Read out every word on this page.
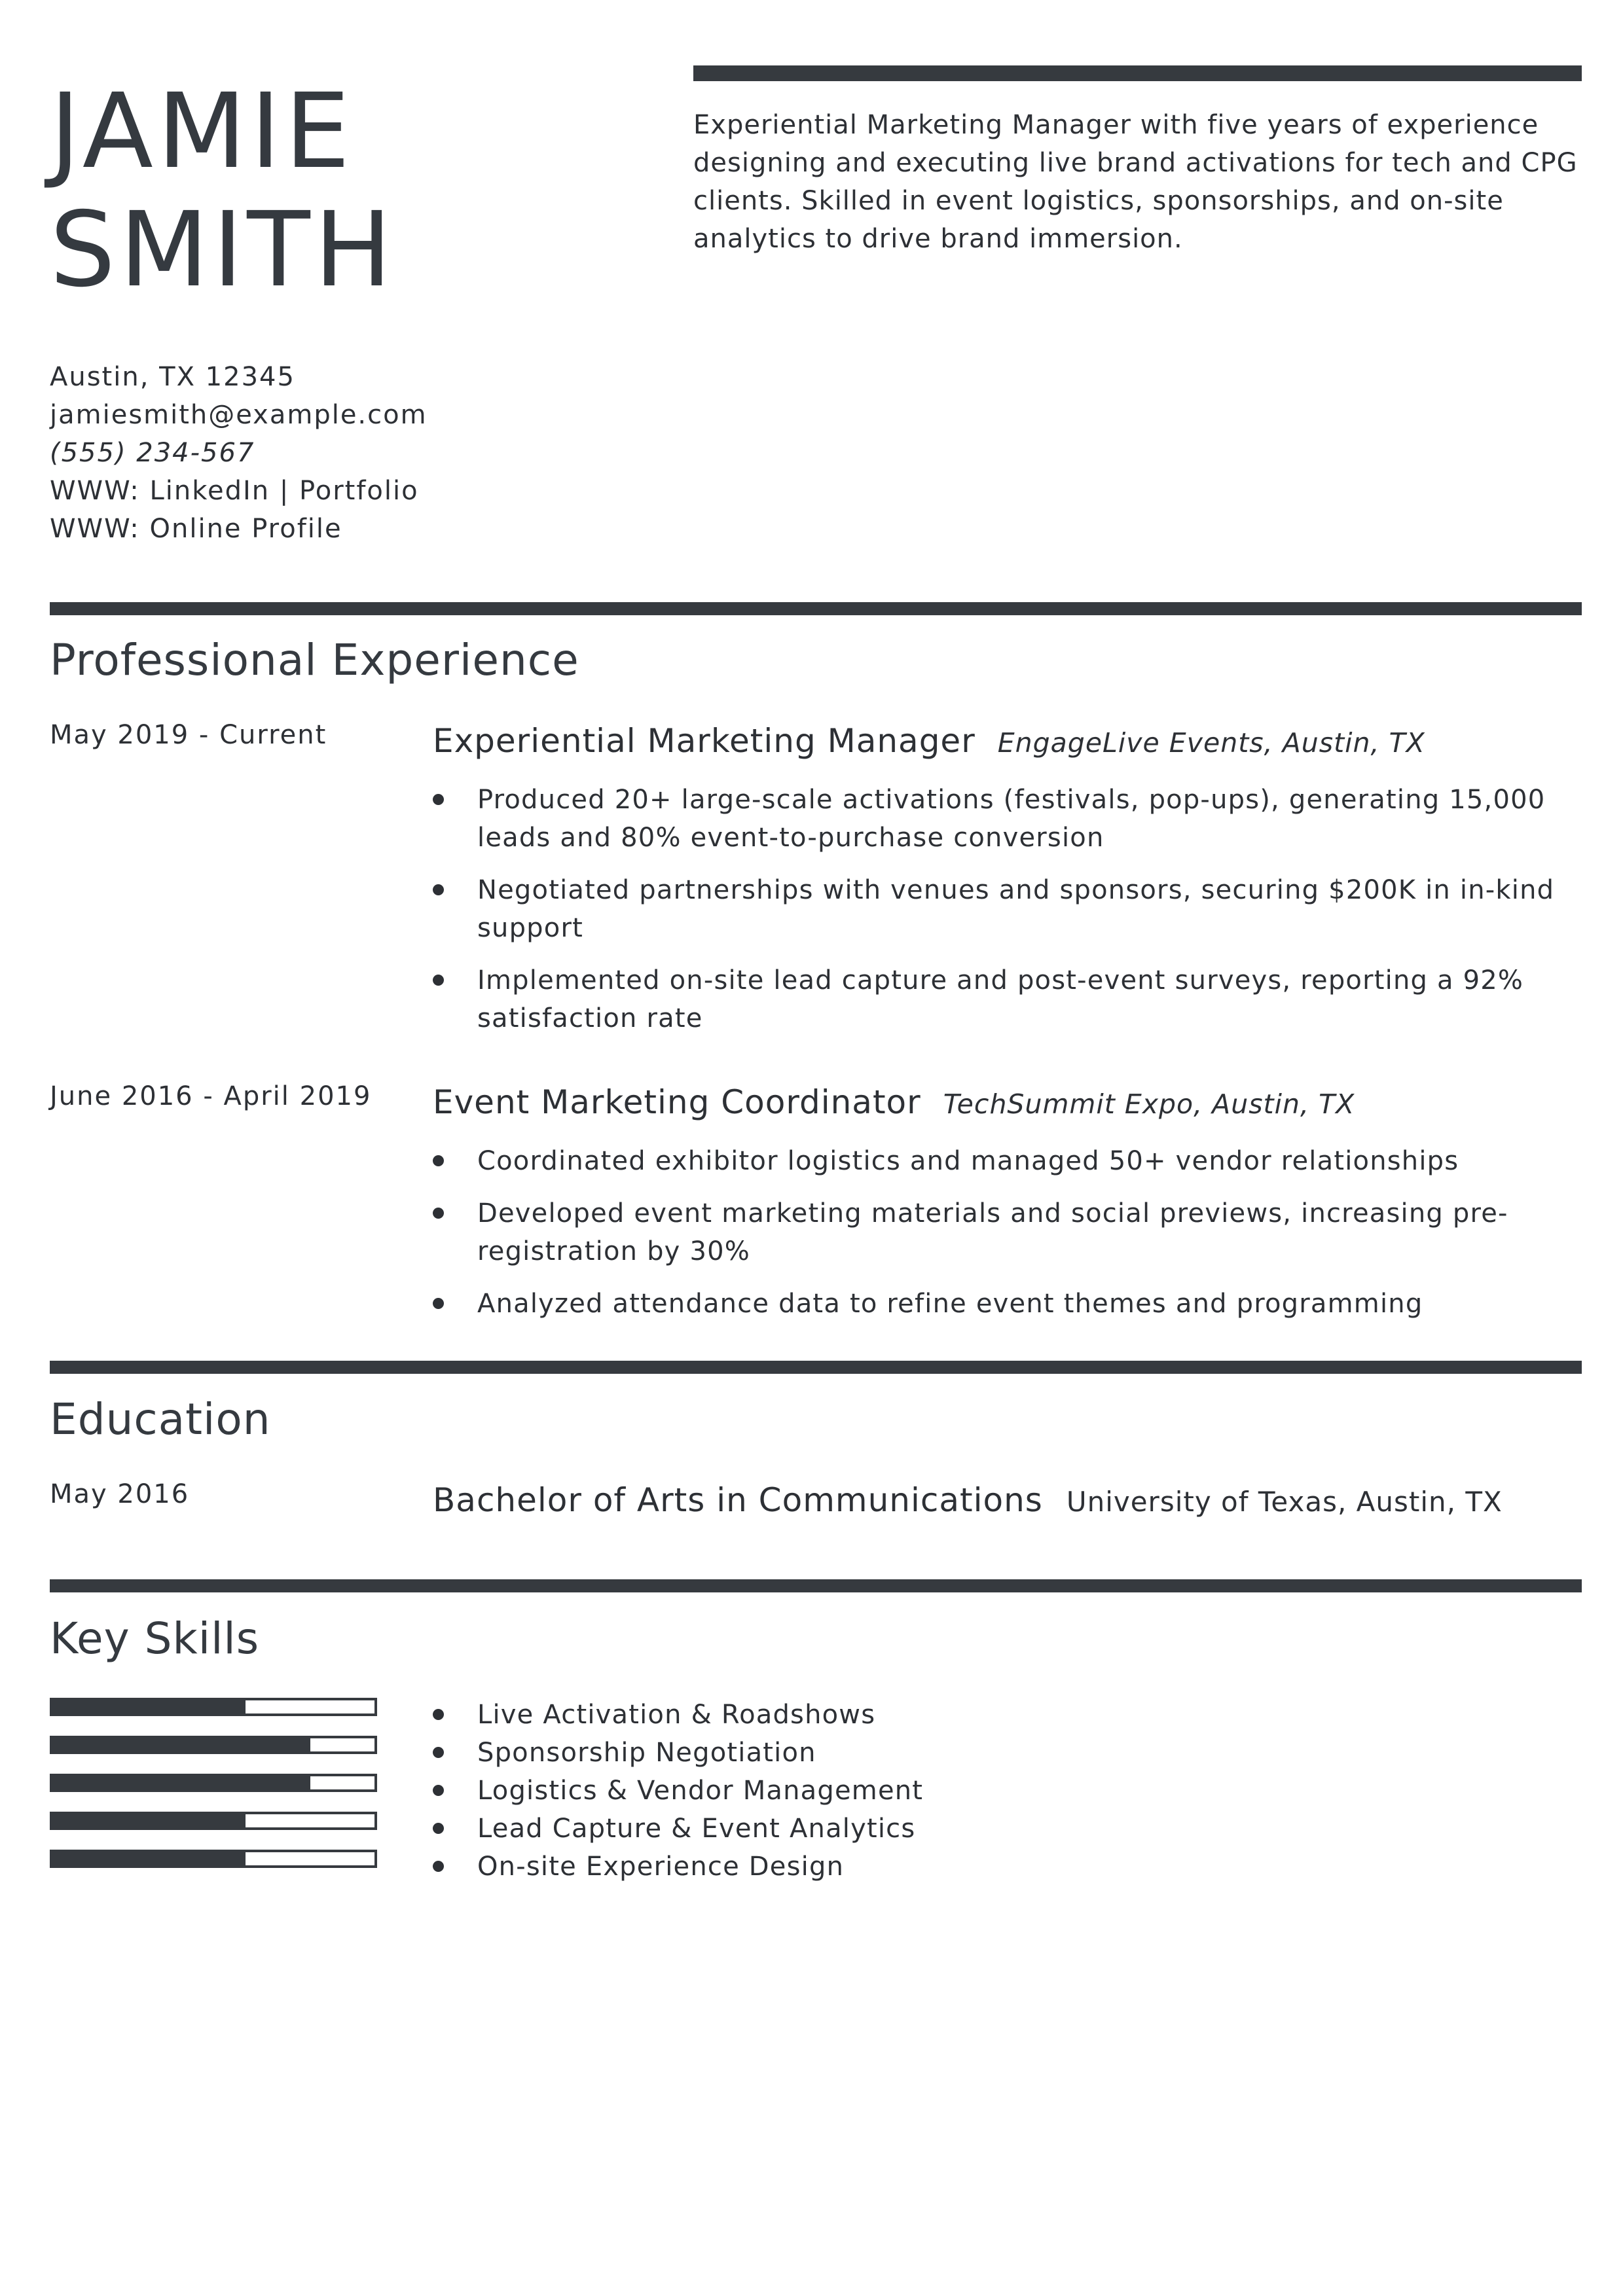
JAMIE
SMITH
Experiential Marketing Manager with five years of experience designing and executing live brand activations for tech and CPG clients. Skilled in event logistics, sponsorships, and on-site analytics to drive brand immersion.
Austin, TX 12345
jamiesmith@example.com
(555) 234-567
WWW: LinkedIn | Portfolio
WWW: Online Profile
Professional Experience
May 2019 - Current	Experiential Marketing Manager EngageLive Events, Austin, TX
Produced 20+ large-scale activations (festivals, pop-ups), generating 15,000 leads and 80% event-to-purchase conversion
Negotiated partnerships with venues and sponsors, securing $200K in in-kind support
Implemented on-site lead capture and post-event surveys, reporting a 92% satisfaction rate
June 2016 - April 2019 Event Marketing Coordinator TechSummit Expo, Austin, TX
Coordinated exhibitor logistics and managed 50+ vendor relationships
Developed event marketing materials and social previews, increasing pre-registration by 30%
Analyzed attendance data to refine event themes and programming
Education
May 2016	Bachelor of Arts in Communications University of Texas, Austin, TX
Key Skills
Live Activation & Roadshows
Sponsorship Negotiation
Logistics & Vendor Management
Lead Capture & Event Analytics
On-site Experience Design
